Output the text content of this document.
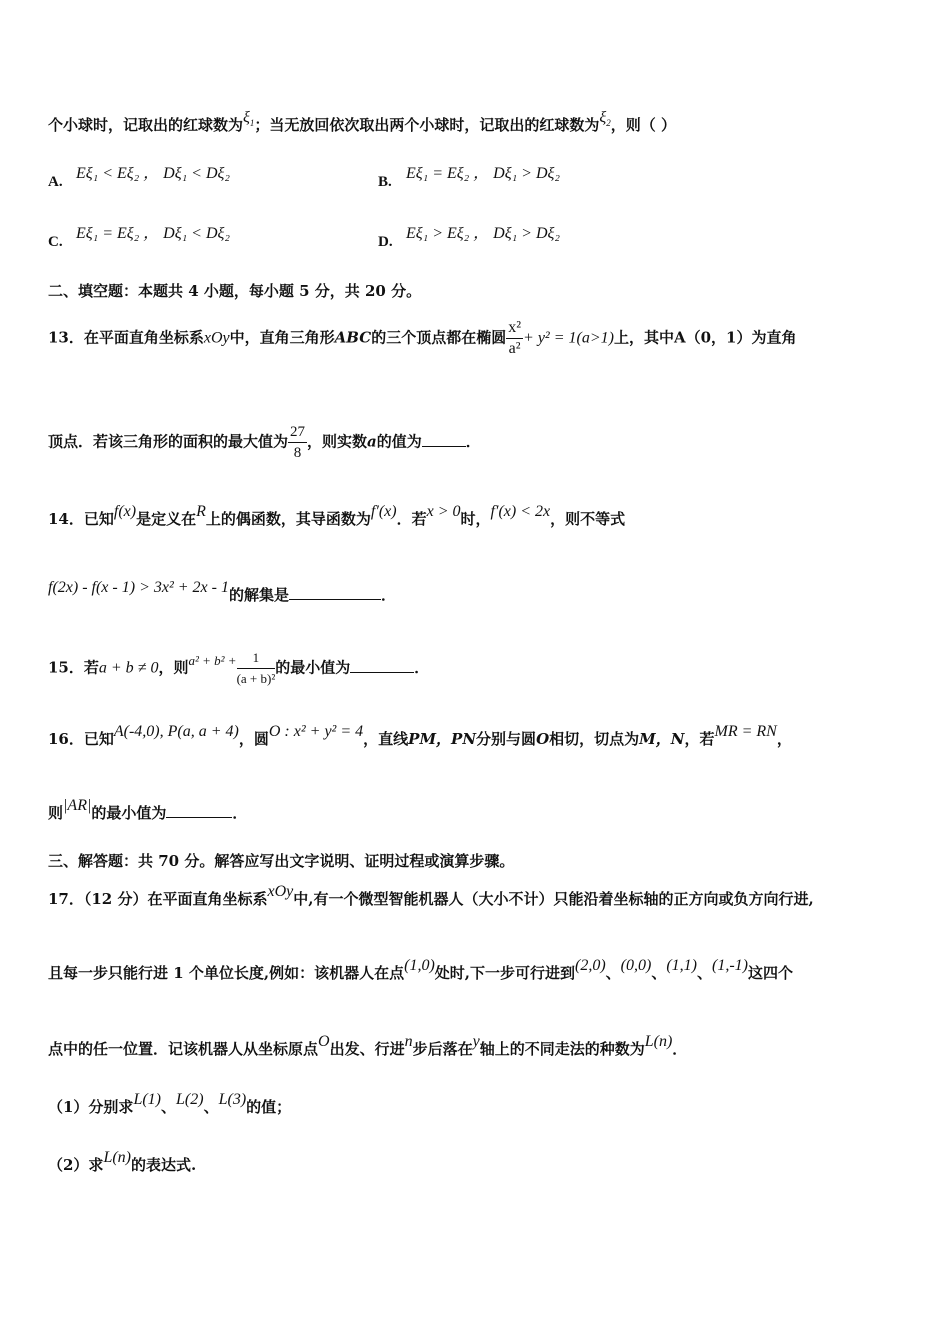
个小球时，记取出的红球数为$\xi_1$；当无放回依次取出两个小球时，记取出的红球数为$\xi_2$，则（ ）
A. Eξ₁ < Eξ₂ ， Dξ₁ < Dξ₂	B. Eξ₁ = Eξ₂ ， Dξ₁ > Dξ₂
C. Eξ₁ = Eξ₂ ， Dξ₁ < Dξ₂	D. Eξ₁ > Eξ₂ ， Dξ₁ > Dξ₂
二、填空题：本题共 4 小题，每小题 5 分，共 20 分。
13．在平面直角坐标系xOy中，直角三角形ABC的三个顶点都在椭圆 $\frac{\text{x²}}{\text{a²}} + y^2 = 1(a>1)$上，其中A（0，1）为直角
顶点．若该三角形的面积的最大值为 $\frac{27}{8}$ ，则实数a的值为	．
14．已知f(x)是定义在R上的偶函数，其导函数为f′(x)．若x > 0时，f′(x) < 2x，则不等式
f(2x) - f(x - 1) > 3x² + 2x - 1的解集是	．
15．若a + b ≠ 0，则$a^2 + b^2 + \frac{1}{\text{(a + b)²}}$ 的最小值为	．
16．已知A(-4,0), P(a, a + 4)，圆O : x² + y² = 4，直线PM，PN分别与圆O相切，切点为M，N，若MR = RN，
则|AR|的最小值为	．
三、解答题：共 70 分。解答应写出文字说明、证明过程或演算步骤。
17．（12 分）在平面直角坐标系xOy中,有一个微型智能机器人（大小不计）只能沿着坐标轴的正方向或负方向行进,
且每一步只能行进 1 个单位长度,例如：该机器人在点(1,0)处时,下一步可行进到(2,0)、(0,0)、(1,1)、(1,-1)这四个
点中的任一位置．记该机器人从坐标原点O出发、行进n步后落在y轴上的不同走法的种数为L(n)．
（1）分别求L(1)、L(2)、L(3)的值；
（2）求L(n)的表达式.
